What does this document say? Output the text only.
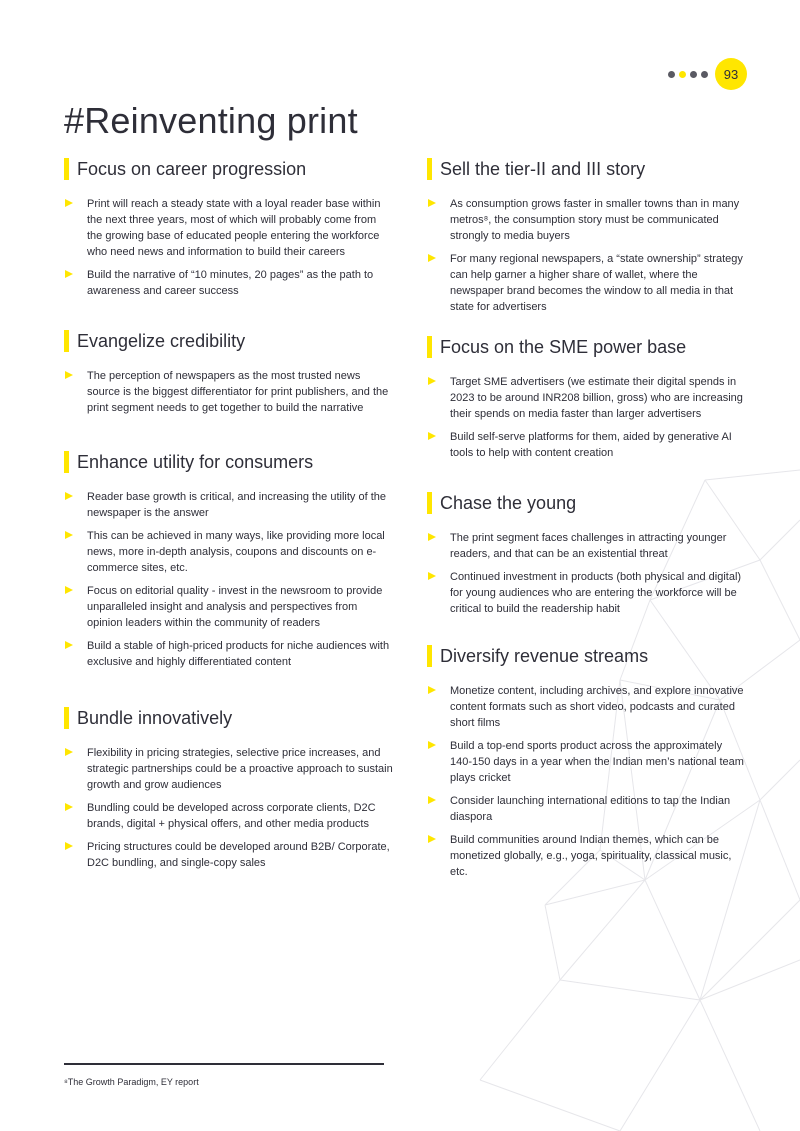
93
#Reinventing print
Focus on career progression
Print will reach a steady state with a loyal reader base within the next three years, most of which will probably come from the growing base of educated people entering the workforce who need news and information to build their careers
Build the narrative of “10 minutes, 20 pages” as the path to awareness and career success
Evangelize credibility
The perception of newspapers as the most trusted news source is the biggest differentiator for print publishers, and the print segment needs to get together to build the narrative
Enhance utility for consumers
Reader base growth is critical, and increasing the utility of the newspaper is the answer
This can be achieved in many ways, like providing more local news, more in-depth analysis, coupons and discounts on e-commerce sites, etc.
Focus on editorial quality - invest in the newsroom to provide unparalleled insight and analysis and perspectives from opinion leaders within the community of readers
Build a stable of high-priced products for niche audiences with exclusive and highly differentiated content
Bundle innovatively
Flexibility in pricing strategies, selective price increases, and strategic partnerships could be a proactive approach to sustain growth and grow audiences
Bundling could be developed across corporate clients, D2C brands, digital + physical offers, and other media products
Pricing structures could be developed around B2B/ Corporate, D2C bundling, and single-copy sales
Sell the tier-II and III story
As consumption grows faster in smaller towns than in many metros⁸, the consumption story must be communicated strongly to media buyers
For many regional newspapers, a “state ownership” strategy can help garner a higher share of wallet, where the newspaper brand becomes the window to all media in that state for advertisers
Focus on the SME power base
Target SME advertisers (we estimate their digital spends in 2023 to be around INR208 billion, gross) who are increasing their spends on media faster than larger advertisers
Build self-serve platforms for them, aided by generative AI tools to help with content creation
Chase the young
The print segment faces challenges in attracting younger readers, and that can be an existential threat
Continued investment in products (both physical and digital) for young audiences who are entering the workforce will be critical to build the readership habit
Diversify revenue streams
Monetize content, including archives, and explore innovative content formats such as short video, podcasts and curated short films
Build a top-end sports product across the approximately 140-150 days in a year when the Indian men’s national team plays cricket
Consider launching international editions to tap the Indian diaspora
Build communities around Indian themes, which can be monetized globally, e.g., yoga, spirituality, classical music, etc.
⁸The Growth Paradigm, EY report
